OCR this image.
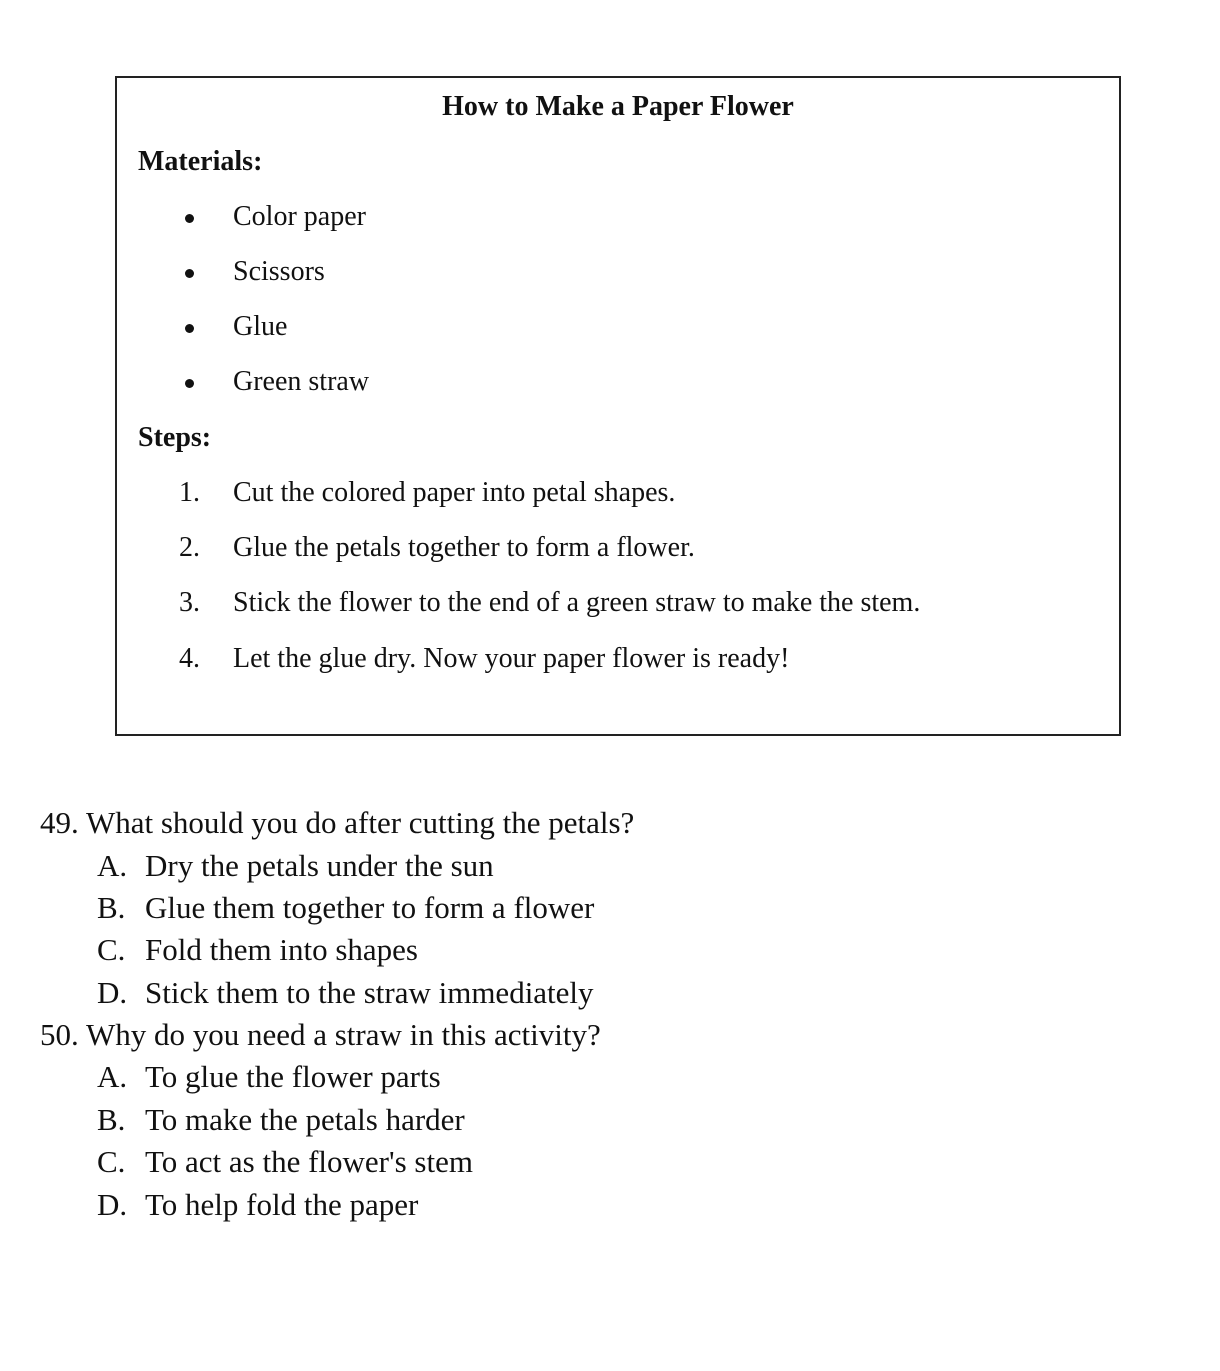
How to Make a Paper Flower
Materials:
Color paper
Scissors
Glue
Green straw
Steps:
1.	Cut the colored paper into petal shapes.
2.	Glue the petals together to form a flower.
3.	Stick the flower to the end of a green straw to make the stem.
4.	Let the glue dry. Now your paper flower is ready!
49. What should you do after cutting the petals?
A. Dry the petals under the sun
B. Glue them together to form a flower
C. Fold them into shapes
D. Stick them to the straw immediately
50. Why do you need a straw in this activity?
A. To glue the flower parts
B. To make the petals harder
C. To act as the flower's stem
D. To help fold the paper
